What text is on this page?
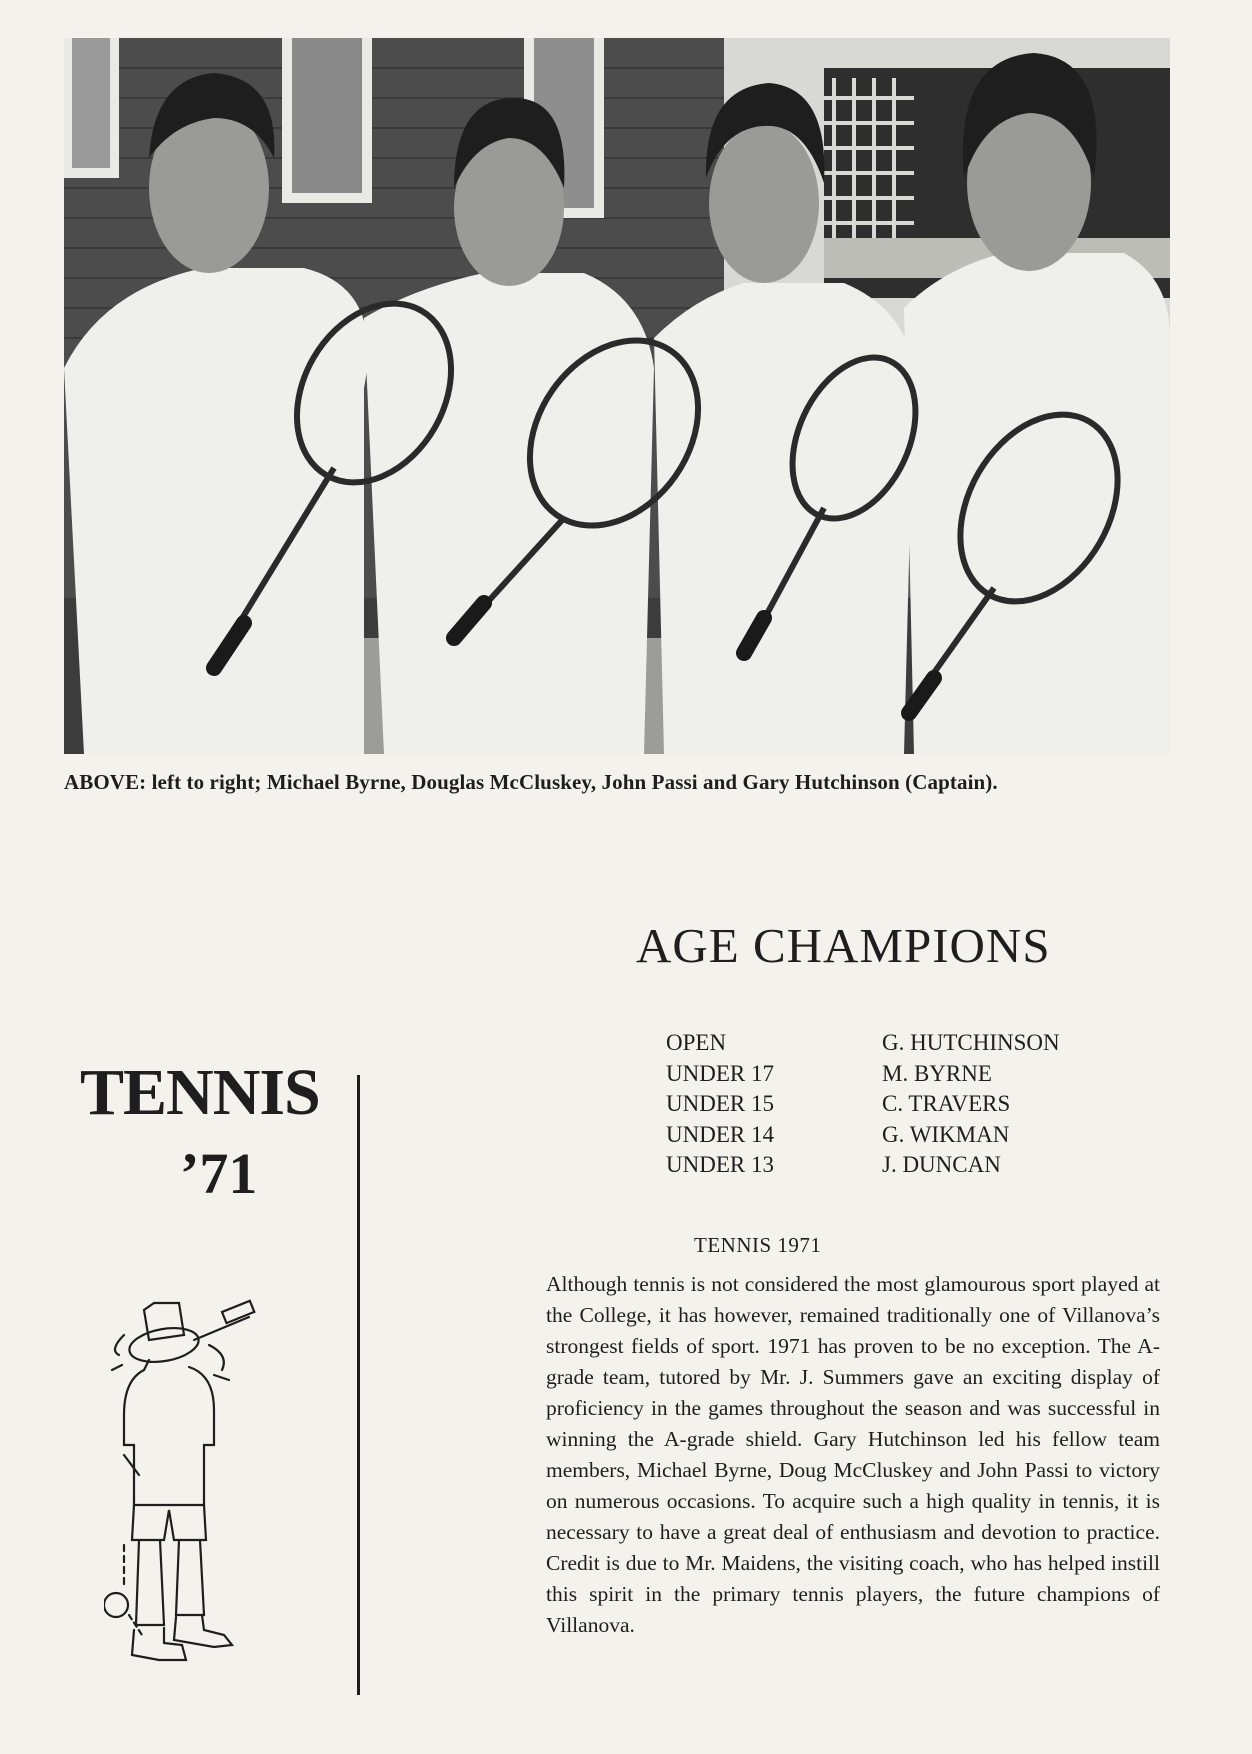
ABOVE: left to right; Michael Byrne, Douglas McCluskey, John Passi and Gary Hutchinson (Captain).
TENNIS
’71
AGE CHAMPIONS
OPEN	G. HUTCHINSON
UNDER 17	M. BYRNE
UNDER 15	C. TRAVERS
UNDER 14	G. WIKMAN
UNDER 13	J. DUNCAN
TENNIS 1971

Although tennis is not considered the most glamourous sport played at the College, it has however, remained traditionally one of Villanova’s strongest fields of sport. 1971 has proven to be no exception. The A-grade team, tutored by Mr. J. Summers gave an exciting display of proficiency in the games throughout the season and was successful in winning the A-grade shield. Gary Hutchinson led his fellow team members, Michael Byrne, Doug McCluskey and John Passi to victory on numerous occasions. To acquire such a high quality in tennis, it is necessary to have a great deal of enthusiasm and devotion to practice. Credit is due to Mr. Maidens, the visiting coach, who has helped instill this spirit in the primary tennis players, the future champions of Villanova.
